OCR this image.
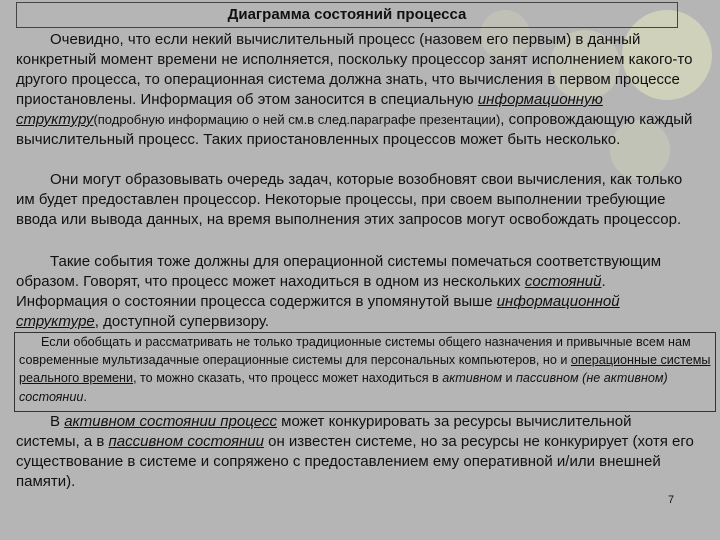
Диаграмма состояний процесса

Очевидно, что если некий вычислительный процесс (назовем его первым) в данный конкретный момент времени не исполняется, поскольку процессор занят исполнением какого-то другого процесса, то операционная система должна знать, что вычисления в первом процессе приостановлены. Информация об этом заносится в специальную информационную структуру(подробную информацию о ней см.в след.параграфе презентации), сопровождающую каждый вычислительный процесс. Таких приостановленных процессов может быть несколько.

Они могут образовывать очередь задач, которые возобновят свои вычисления, как только им будет предоставлен процессор. Некоторые процессы, при своем выполнении требующие ввода или вывода данных, на время выполнения этих запросов могут освобождать процессор.

Такие события тоже должны для операционной системы помечаться соответствующим образом. Говорят, что процесс может находиться в одном из нескольких состояний. Информация о состоянии процесса содержится в упомянутой выше информационной структуре, доступной супервизору.

Если обобщать и рассматривать не только традиционные системы общего назначения и привычные всем нам современные мультизадачные операционные системы для персональных компьютеров, но и операционные системы реального времени, то можно сказать, что процесс может находиться в активном и пассивном (не активном) состоянии.

В активном состоянии процесс может конкурировать за ресурсы вычислительной системы, а в пассивном состоянии он известен системе, но за ресурсы не конкурирует (хотя его существование в системе и сопряжено с предоставлением ему оперативной и/или внешней памяти).

7
